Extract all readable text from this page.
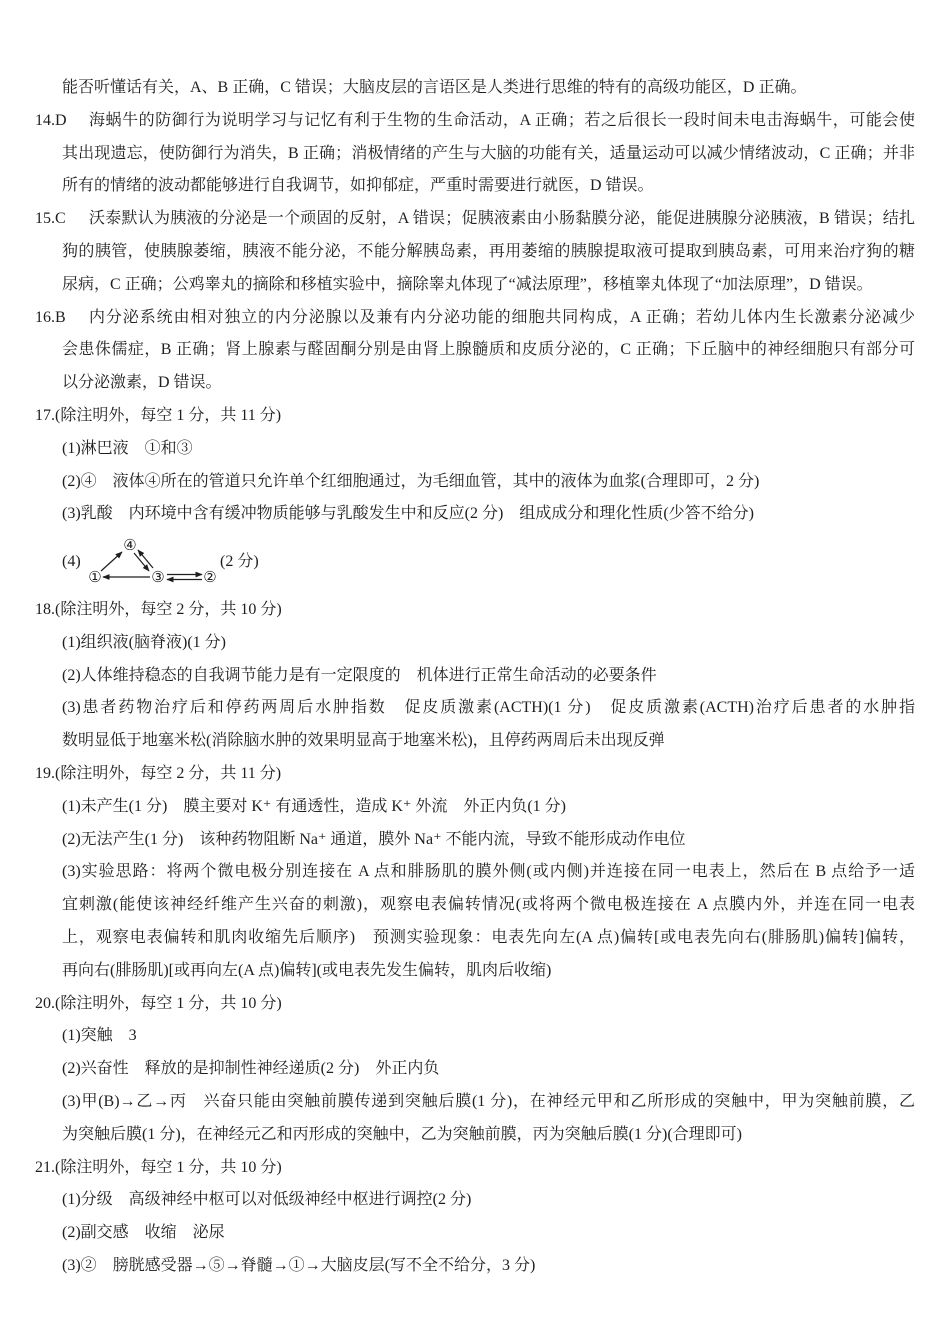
能否听懂话有关，A、B 正确，C 错误；大脑皮层的言语区是人类进行思维的特有的高级功能区，D 正确。
14.D	海蜗牛的防御行为说明学习与记忆有利于生物的生命活动，A 正确；若之后很长一段时间未电击海蜗牛，可能会使
其出现遗忘，使防御行为消失，B 正确；消极情绪的产生与大脑的功能有关，适量运动可以减少情绪波动，C 正确；并非
所有的情绪的波动都能够进行自我调节，如抑郁症，严重时需要进行就医，D 错误。
15.C	沃泰默认为胰液的分泌是一个顽固的反射，A 错误；促胰液素由小肠黏膜分泌，能促进胰腺分泌胰液，B 错误；结扎
狗的胰管，使胰腺萎缩，胰液不能分泌，不能分解胰岛素，再用萎缩的胰腺提取液可提取到胰岛素，可用来治疗狗的糖
尿病，C 正确；公鸡睾丸的摘除和移植实验中，摘除睾丸体现了“减法原理”，移植睾丸体现了“加法原理”，D 错误。
16.B	内分泌系统由相对独立的内分泌腺以及兼有内分泌功能的细胞共同构成，A 正确；若幼儿体内生长激素分泌减少
会患侏儒症，B 正确；肾上腺素与醛固酮分别是由肾上腺髓质和皮质分泌的，C 正确；下丘脑中的神经细胞只有部分可
以分泌激素，D 错误。
17.(除注明外，每空 1 分，共 11 分)
(1)淋巴液　①和③
(2)④　液体④所在的管道只允许单个红细胞通过，为毛细血管，其中的液体为血浆(合理即可，2 分)
(3)乳酸　内环境中含有缓冲物质能够与乳酸发生中和反应(2 分)　组成成分和理化性质(少答不给分)
(4)
④
①	③	②
(2 分)
18.(除注明外，每空 2 分，共 10 分)
(1)组织液(脑脊液)(1 分)
(2)人体维持稳态的自我调节能力是有一定限度的　机体进行正常生命活动的必要条件
(3)患者药物治疗后和停药两周后水肿指数　促皮质激素(ACTH)(1 分)　促皮质激素(ACTH)治疗后患者的水肿指
数明显低于地塞米松(消除脑水肿的效果明显高于地塞米松)，且停药两周后未出现反弹
19.(除注明外，每空 2 分，共 11 分)
(1)未产生(1 分)　膜主要对 K⁺ 有通透性，造成 K⁺ 外流　外正内负(1 分)
(2)无法产生(1 分)　该种药物阻断 Na⁺ 通道，膜外 Na⁺ 不能内流，导致不能形成动作电位
(3)实验思路：将两个微电极分别连接在 A 点和腓肠肌的膜外侧(或内侧)并连接在同一电表上，然后在 B 点给予一适
宜刺激(能使该神经纤维产生兴奋的刺激)，观察电表偏转情况(或将两个微电极连接在 A 点膜内外，并连在同一电表
上，观察电表偏转和肌肉收缩先后顺序)　预测实验现象：电表先向左(A 点)偏转[或电表先向右(腓肠肌)偏转]偏转，
再向右(腓肠肌)[或再向左(A 点)偏转](或电表先发生偏转，肌肉后收缩)
20.(除注明外，每空 1 分，共 10 分)
(1)突触　3
(2)兴奋性　释放的是抑制性神经递质(2 分)　外正内负
(3)甲(B)→乙→丙　兴奋只能由突触前膜传递到突触后膜(1 分)，在神经元甲和乙所形成的突触中，甲为突触前膜，乙
为突触后膜(1 分)，在神经元乙和丙形成的突触中，乙为突触前膜，丙为突触后膜(1 分)(合理即可)
21.(除注明外，每空 1 分，共 10 分)
(1)分级　高级神经中枢可以对低级神经中枢进行调控(2 分)
(2)副交感　收缩　泌尿
(3)②　膀胱感受器→⑤→脊髓→①→大脑皮层(写不全不给分，3 分)
